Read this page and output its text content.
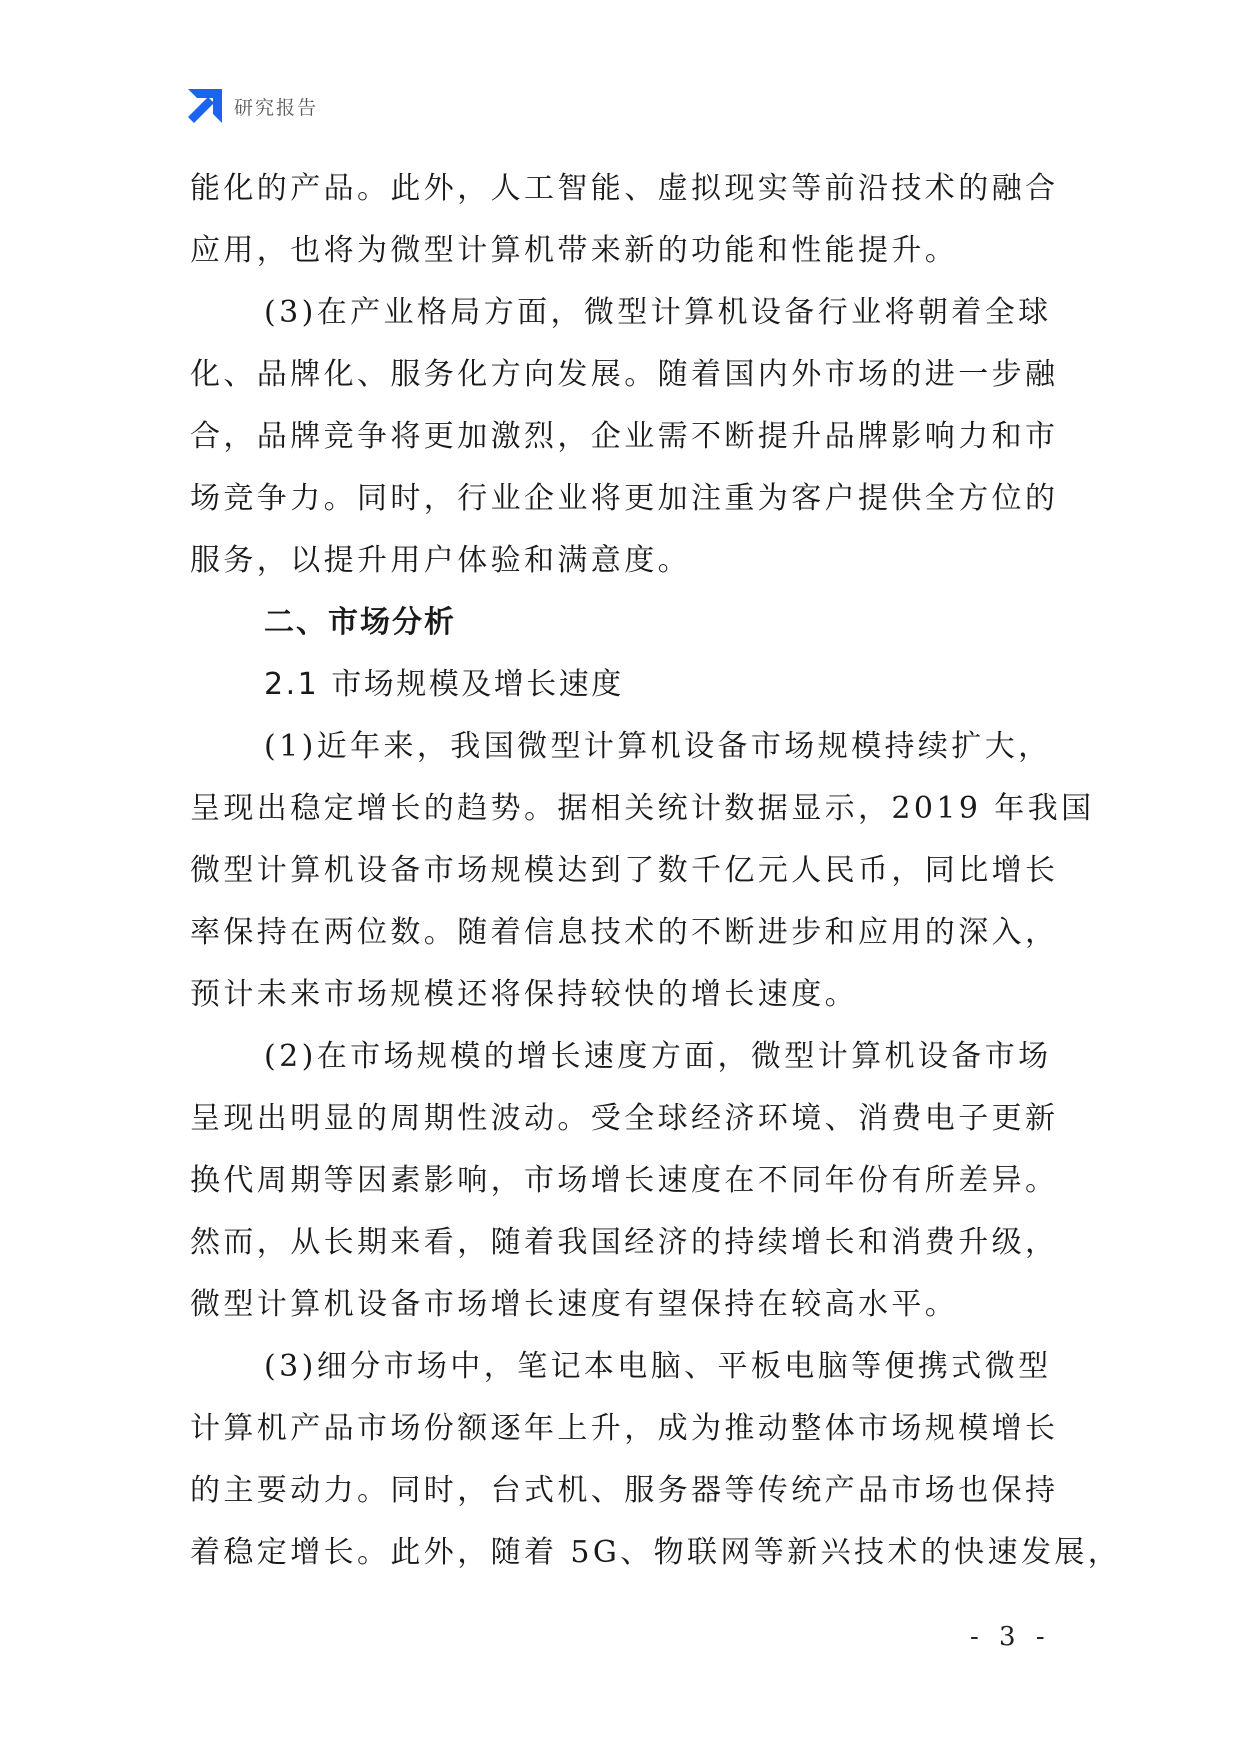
研究报告
能化的产品。此外，人工智能、虚拟现实等前沿技术的融合
应用，也将为微型计算机带来新的功能和性能提升。
(3)在产业格局方面，微型计算机设备行业将朝着全球
化、品牌化、服务化方向发展。随着国内外市场的进一步融
合，品牌竞争将更加激烈，企业需不断提升品牌影响力和市
场竞争力。同时，行业企业将更加注重为客户提供全方位的
服务，以提升用户体验和满意度。
二、市场分析
2.1 市场规模及增长速度
(1)近年来，我国微型计算机设备市场规模持续扩大，
呈现出稳定增长的趋势。据相关统计数据显示，2019 年我国
微型计算机设备市场规模达到了数千亿元人民币，同比增长
率保持在两位数。随着信息技术的不断进步和应用的深入，
预计未来市场规模还将保持较快的增长速度。
(2)在市场规模的增长速度方面，微型计算机设备市场
呈现出明显的周期性波动。受全球经济环境、消费电子更新
换代周期等因素影响，市场增长速度在不同年份有所差异。
然而，从长期来看，随着我国经济的持续增长和消费升级，
微型计算机设备市场增长速度有望保持在较高水平。
(3)细分市场中，笔记本电脑、平板电脑等便携式微型
计算机产品市场份额逐年上升，成为推动整体市场规模增长
的主要动力。同时，台式机、服务器等传统产品市场也保持
着稳定增长。此外，随着 5G、物联网等新兴技术的快速发展，
- 3 -
